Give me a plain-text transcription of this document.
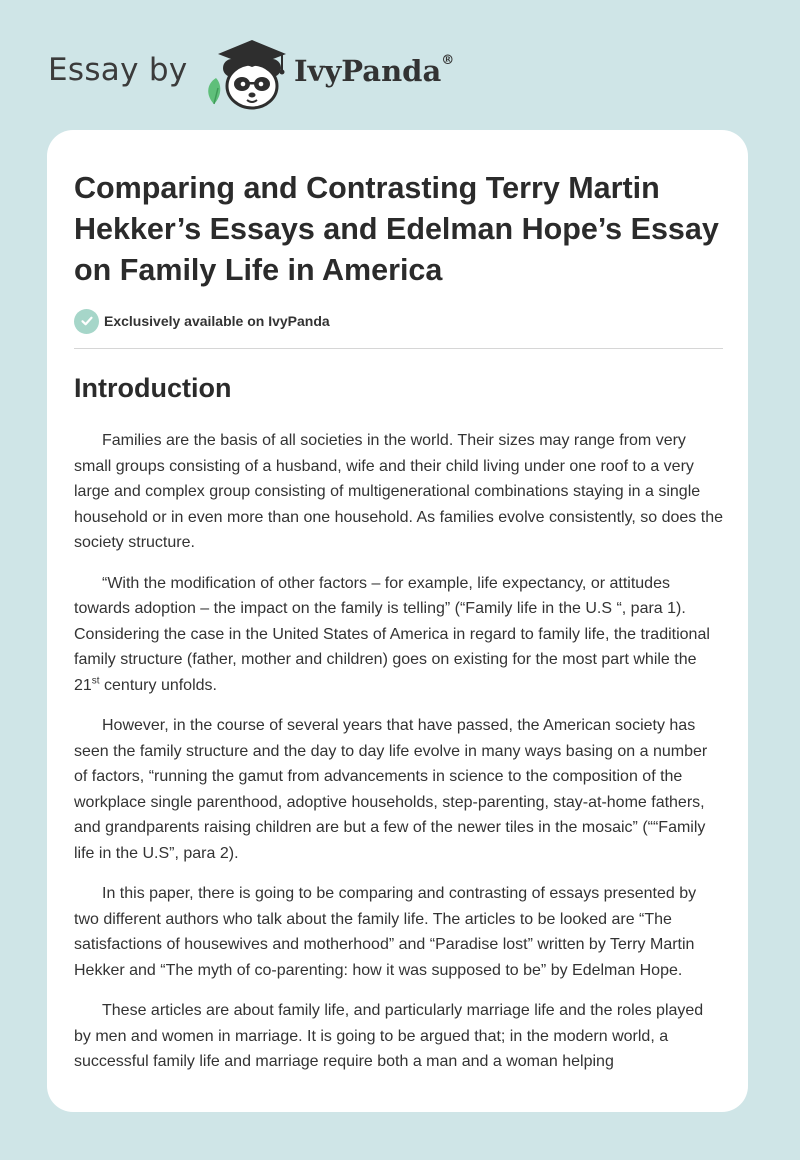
Essay by	IvyPanda®
Comparing and Contrasting Terry Martin Hekker’s Essays and Edelman Hope’s Essay on Family Life in America
Exclusively available on IvyPanda
Introduction

Families are the basis of all societies in the world. Their sizes may range from very small groups consisting of a husband, wife and their child living under one roof to a very large and complex group consisting of multigenerational combinations staying in a single household or in even more than one household. As families evolve consistently, so does the society structure.

“With the modification of other factors – for example, life expectancy, or attitudes towards adoption – the impact on the family is telling” (“Family life in the U.S “, para 1). Considering the case in the United States of America in regard to family life, the traditional family structure (father, mother and children) goes on existing for the most part while the 21st century unfolds.

However, in the course of several years that have passed, the American society has seen the family structure and the day to day life evolve in many ways basing on a number of factors, “running the gamut from advancements in science to the composition of the workplace single parenthood, adoptive households, step-parenting, stay-at-home fathers, and grandparents raising children are but a few of the newer tiles in the mosaic” (““Family life in the U.S”, para 2).

In this paper, there is going to be comparing and contrasting of essays presented by two different authors who talk about the family life. The articles to be looked are “The satisfactions of housewives and motherhood” and “Paradise lost” written by Terry Martin Hekker and “The myth of co-parenting: how it was supposed to be” by Edelman Hope.

These articles are about family life, and particularly marriage life and the roles played by men and women in marriage. It is going to be argued that; in the modern world, a successful family life and marriage require both a man and a woman helping
